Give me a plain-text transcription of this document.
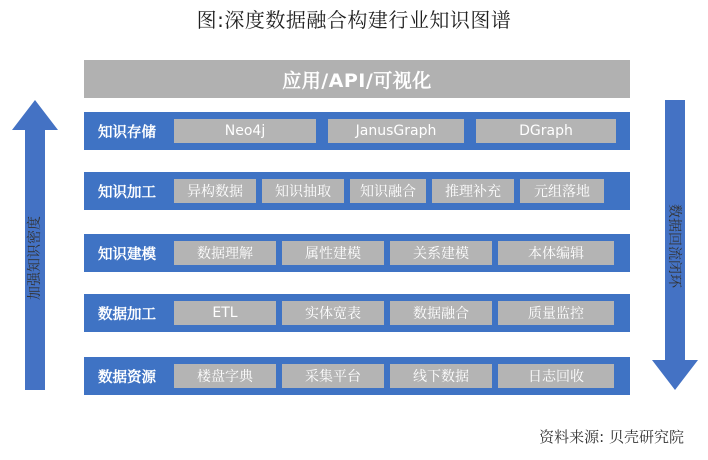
图:深度数据融合构建行业知识图谱
加强知识密度	数据回流闭环
应用/API/可视化
知识存储	Neo4j	JanusGraph	DGraph
知识加工	异构数据	知识抽取	知识融合	推理补充	元组落地
知识建模	数据理解	属性建模	关系建模	本体编辑
数据加工	ETL	实体宽表	数据融合	质量监控
数据资源	楼盘字典	采集平台	线下数据	日志回收
资料来源: 贝壳研究院
